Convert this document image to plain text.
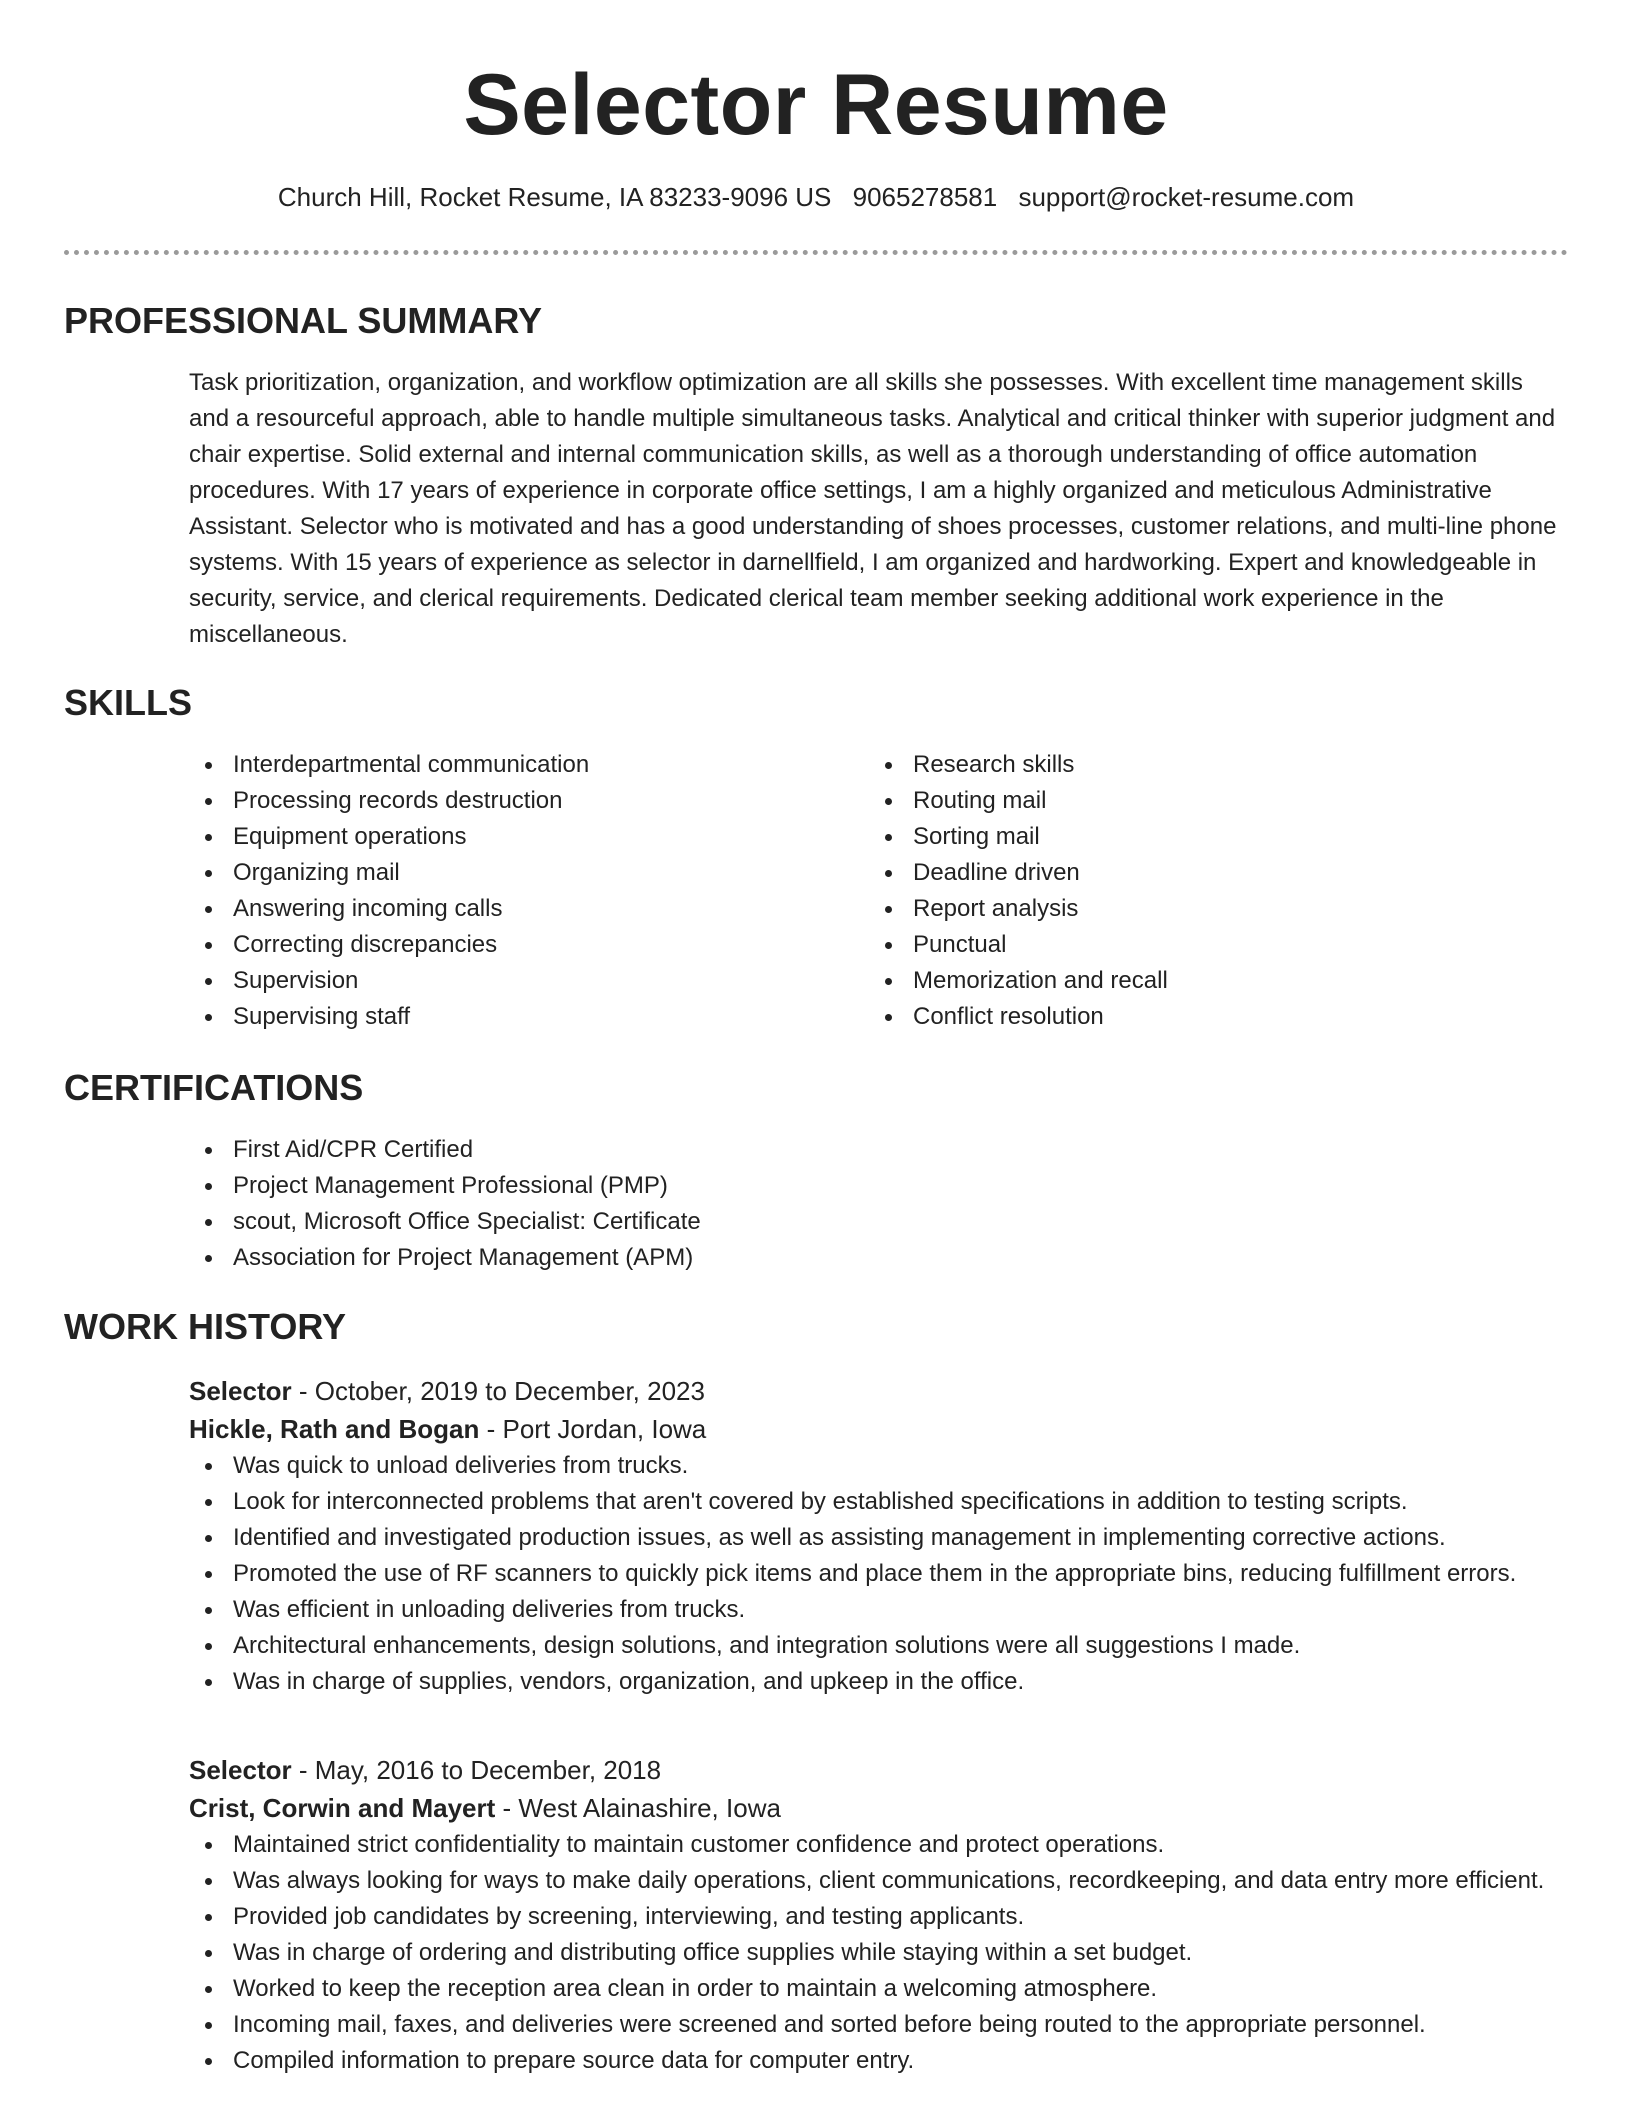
Selector Resume
Church Hill, Rocket Resume, IA 83233-9096 US 9065278581 support@rocket-resume.com
PROFESSIONAL SUMMARY

Task prioritization, organization, and workflow optimization are all skills she possesses. With excellent time management skills and a resourceful approach, able to handle multiple simultaneous tasks. Analytical and critical thinker with superior judgment and chair expertise. Solid external and internal communication skills, as well as a thorough understanding of office automation procedures. With 17 years of experience in corporate office settings, I am a highly organized and meticulous Administrative Assistant. Selector who is motivated and has a good understanding of shoes processes, customer relations, and multi-line phone systems. With 15 years of experience as selector in darnellfield, I am organized and hardworking. Expert and knowledgeable in security, service, and clerical requirements. Dedicated clerical team member seeking additional work experience in the miscellaneous.

SKILLS
Interdepartmental communication
Processing records destruction
Equipment operations
Organizing mail
Answering incoming calls
Correcting discrepancies
Supervision
Supervising staff
Research skills
Routing mail
Sorting mail
Deadline driven
Report analysis
Punctual
Memorization and recall
Conflict resolution
CERTIFICATIONS
First Aid/CPR Certified
Project Management Professional (PMP)
scout, Microsoft Office Specialist: Certificate
Association for Project Management (APM)
WORK HISTORY
Selector - October, 2019 to December, 2023
Hickle, Rath and Bogan - Port Jordan, Iowa
Was quick to unload deliveries from trucks.
Look for interconnected problems that aren't covered by established specifications in addition to testing scripts.
Identified and investigated production issues, as well as assisting management in implementing corrective actions.
Promoted the use of RF scanners to quickly pick items and place them in the appropriate bins, reducing fulfillment errors.
Was efficient in unloading deliveries from trucks.
Architectural enhancements, design solutions, and integration solutions were all suggestions I made.
Was in charge of supplies, vendors, organization, and upkeep in the office.
Selector - May, 2016 to December, 2018
Crist, Corwin and Mayert - West Alainashire, Iowa
Maintained strict confidentiality to maintain customer confidence and protect operations.
Was always looking for ways to make daily operations, client communications, recordkeeping, and data entry more efficient.
Provided job candidates by screening, interviewing, and testing applicants.
Was in charge of ordering and distributing office supplies while staying within a set budget.
Worked to keep the reception area clean in order to maintain a welcoming atmosphere.
Incoming mail, faxes, and deliveries were screened and sorted before being routed to the appropriate personnel.
Compiled information to prepare source data for computer entry.
